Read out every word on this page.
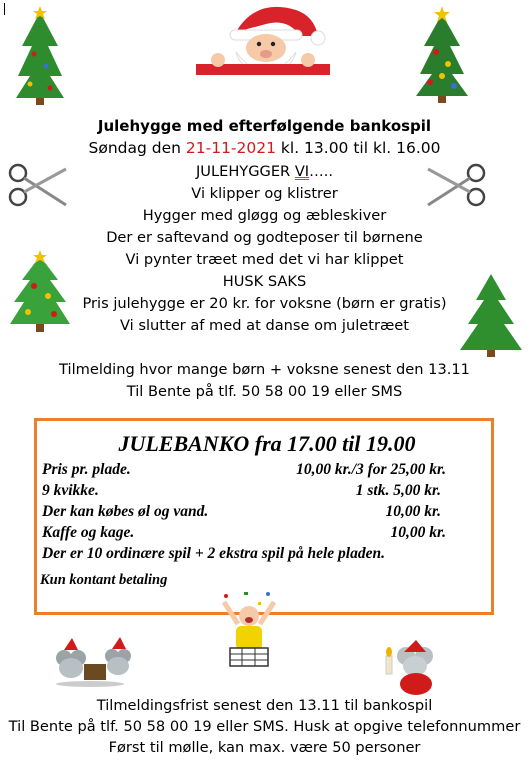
Julehygge med efterfølgende bankospil
Søndag den 21-11-2021 kl. 13.00 til kl. 16.00
JULEHYGGER VI…..
Vi klipper og klistrer
Hygger med gløgg og æbleskiver
Der er saftevand og godteposer til børnene
Vi pynter træet med det vi har klippet
HUSK SAKS
Pris julehygge er 20 kr. for voksne (børn er gratis)
Vi slutter af med at danse om juletræet
Tilmelding hvor mange børn + voksne senest den 13.11
Til Bente på tlf. 50 58 00 19 eller SMS
JULEBANKO fra 17.00 til 19.00
Pris pr. plade.	10,00 kr./3 for 25,00 kr.
9 kvikke.	1 stk. 5,00 kr.
Der kan købes øl og vand.	10,00 kr.
Kaffe og kage.	10,00 kr.
Der er 10 ordinære spil + 2 ekstra spil på hele pladen.
Kun kontant betaling
Tilmeldingsfrist senest den 13.11 til bankospil
Til Bente på tlf. 50 58 00 19 eller SMS. Husk at opgive telefonnummer
Først til mølle, kan max. være 50 personer
